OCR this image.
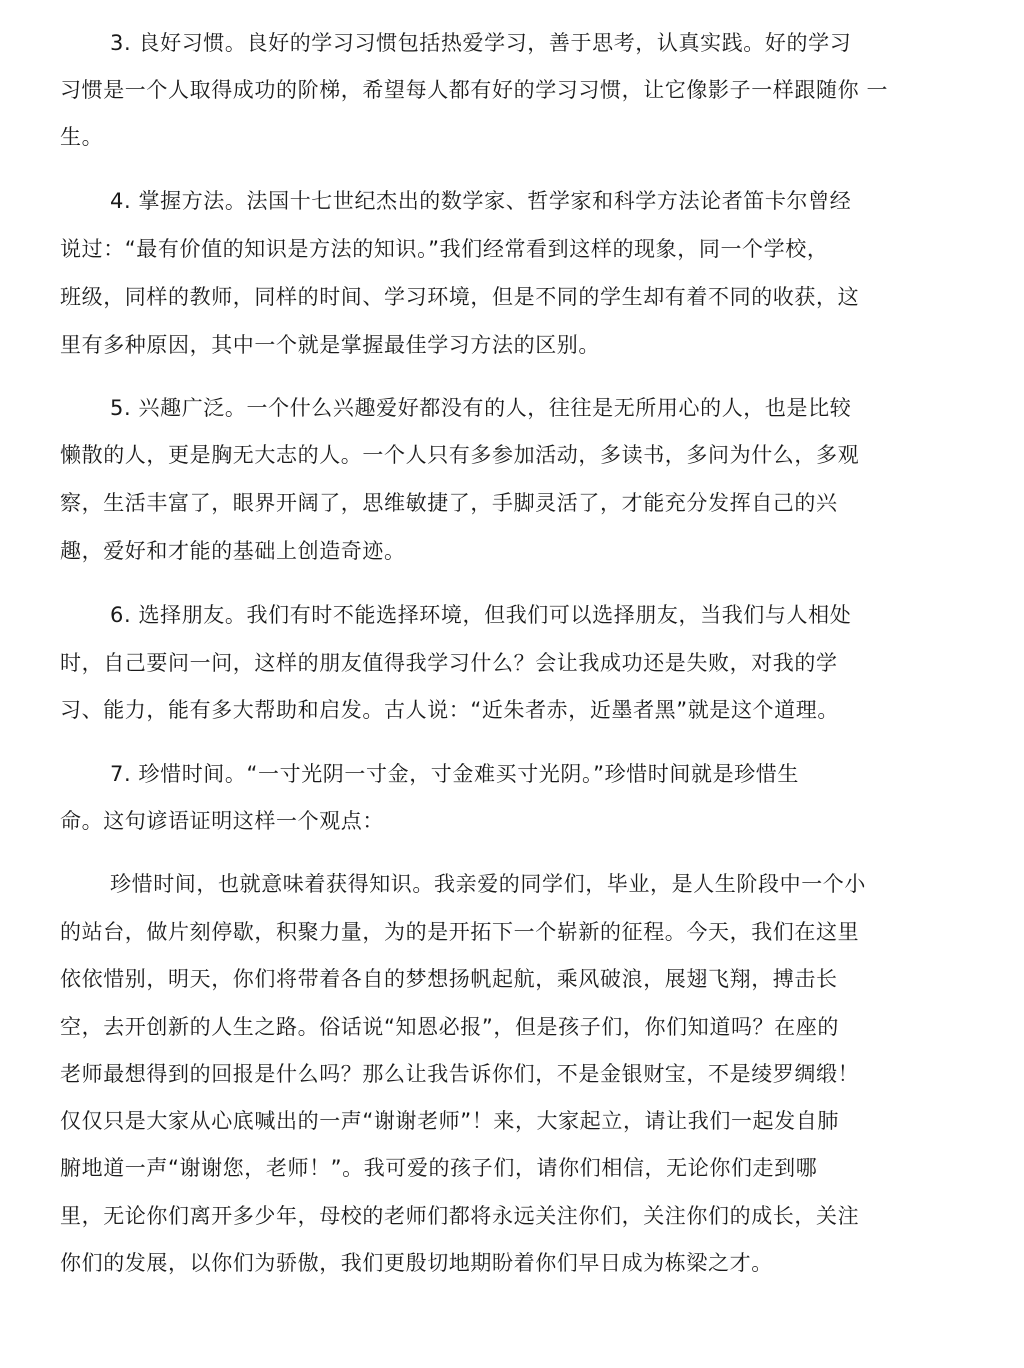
3. 良好习惯。良好的学习习惯包括热爱学习，善于思考，认真实践。好的学习

习惯是一个人取得成功的阶梯，希望每人都有好的学习习惯，让它像影子一样跟随你 一

生。

4. 掌握方法。法国十七世纪杰出的数学家、哲学家和科学方法论者笛卡尔曾经

说过：“最有价值的知识是方法的知识。”我们经常看到这样的现象，同一个学校，

班级，同样的教师，同样的时间、学习环境，但是不同的学生却有着不同的收获，这

里有多种原因，其中一个就是掌握最佳学习方法的区别。

5. 兴趣广泛。一个什么兴趣爱好都没有的人，往往是无所用心的人，也是比较

懒散的人，更是胸无大志的人。一个人只有多参加活动，多读书，多问为什么，多观

察，生活丰富了，眼界开阔了，思维敏捷了，手脚灵活了，才能充分发挥自己的兴

趣，爱好和才能的基础上创造奇迹。

6. 选择朋友。我们有时不能选择环境，但我们可以选择朋友，当我们与人相处

时，自己要问一问，这样的朋友值得我学习什么？会让我成功还是失败，对我的学

习、能力，能有多大帮助和启发。古人说：“近朱者赤，近墨者黑”就是这个道理。

7. 珍惜时间。“一寸光阴一寸金，寸金难买寸光阴。”珍惜时间就是珍惜生

命。这句谚语证明这样一个观点：

珍惜时间，也就意味着获得知识。我亲爱的同学们，毕业，是人生阶段中一个小

的站台，做片刻停歇，积聚力量，为的是开拓下一个崭新的征程。今天，我们在这里

依依惜别，明天，你们将带着各自的梦想扬帆起航，乘风破浪，展翅飞翔，搏击长

空，去开创新的人生之路。俗话说“知恩必报”，但是孩子们，你们知道吗？在座的

老师最想得到的回报是什么吗？那么让我告诉你们，不是金银财宝，不是绫罗绸缎！

仅仅只是大家从心底喊出的一声“谢谢老师”！来，大家起立，请让我们一起发自肺

腑地道一声“谢谢您，老师！”。我可爱的孩子们，请你们相信，无论你们走到哪

里，无论你们离开多少年，母校的老师们都将永远关注你们，关注你们的成长，关注

你们的发展，以你们为骄傲，我们更殷切地期盼着你们早日成为栋梁之才。
